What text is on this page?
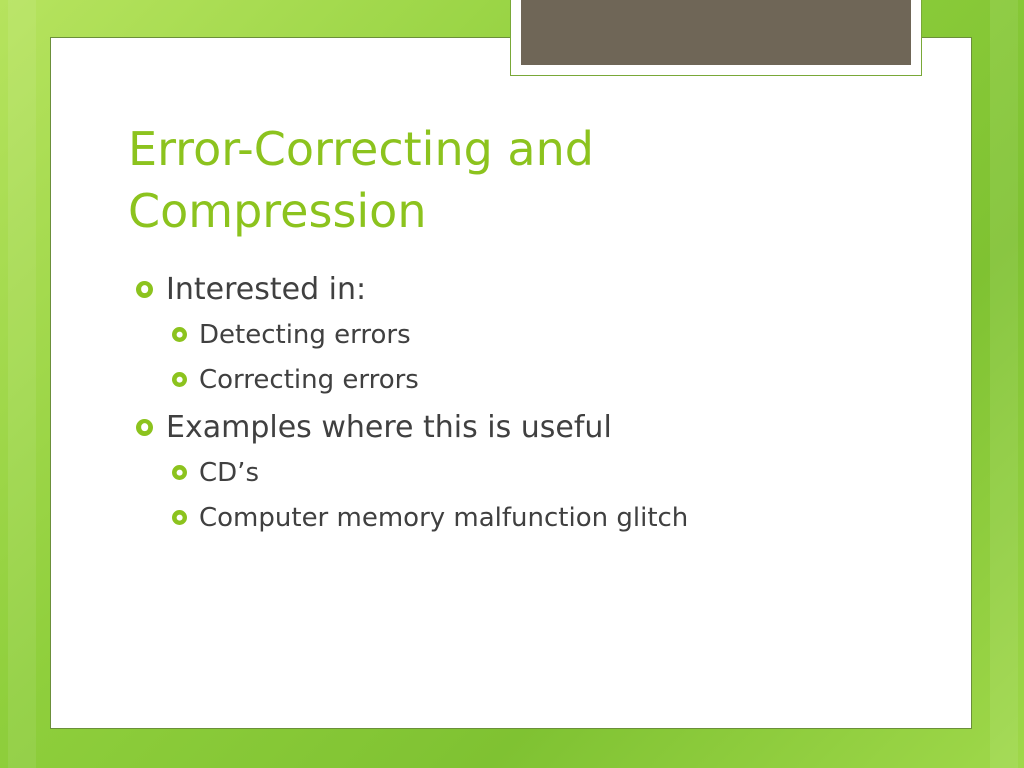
Error-Correcting and Compression
Interested in:
Detecting errors
Correcting errors
Examples where this is useful
CD’s
Computer memory malfunction glitch
